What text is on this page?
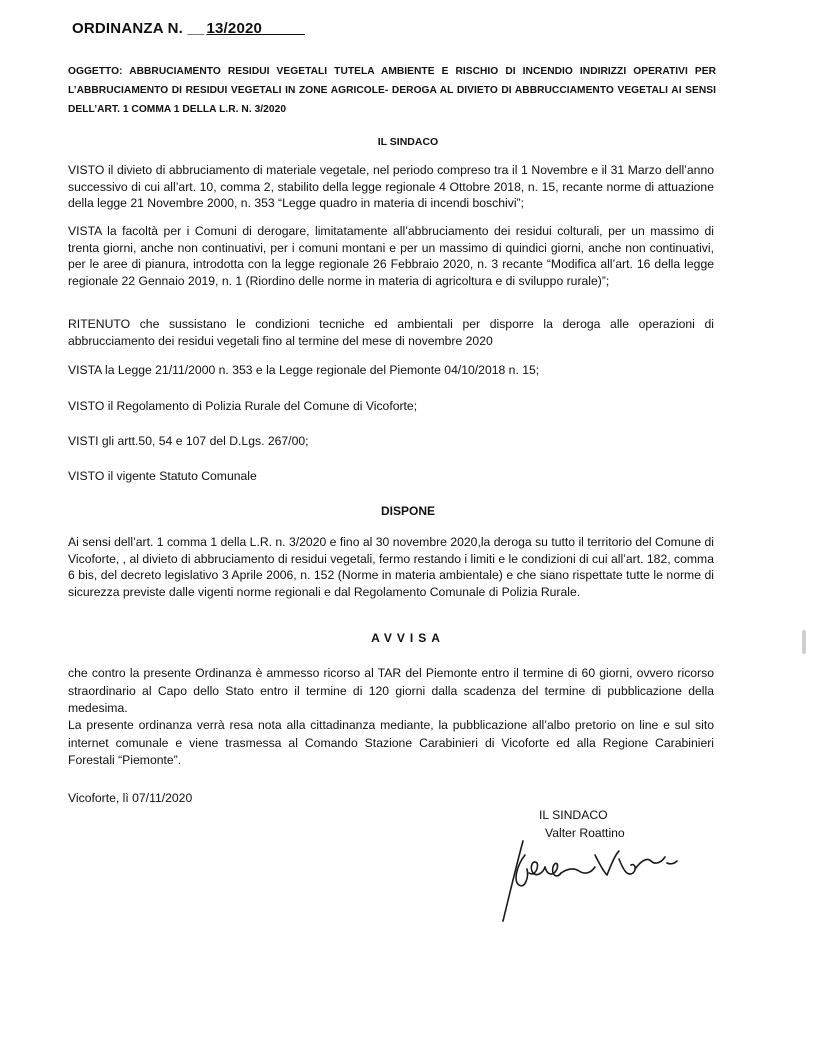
ORDINANZA N. __ 13/2020_____
OGGETTO: ABBRUCIAMENTO RESIDUI VEGETALI TUTELA AMBIENTE E RISCHIO DI INCENDIO INDIRIZZI OPERATIVI PER L’ABBRUCIAMENTO DI RESIDUI VEGETALI IN ZONE AGRICOLE- DEROGA AL DIVIETO DI ABBRUCCIAMENTO VEGETALI AI SENSI DELL’ART. 1 COMMA 1 DELLA L.R. N. 3/2020
IL SINDACO
VISTO il divieto di abbruciamento di materiale vegetale, nel periodo compreso tra il 1 Novembre e il 31 Marzo dell’anno successivo di cui all’art. 10, comma 2, stabilito della legge regionale 4 Ottobre 2018, n. 15, recante norme di attuazione della legge 21 Novembre 2000, n. 353 “Legge quadro in materia di incendi boschivi”;
VISTA la facoltà per i Comuni di derogare, limitatamente all’abbruciamento dei residui colturali, per un massimo di trenta giorni, anche non continuativi, per i comuni montani e per un massimo di quindici giorni, anche non continuativi, per le aree di pianura, introdotta con la legge regionale 26 Febbraio 2020, n. 3 recante “Modifica all’art. 16 della legge regionale 22 Gennaio 2019, n. 1 (Riordino delle norme in materia di agricoltura e di sviluppo rurale)”;
RITENUTO che sussistano le condizioni tecniche ed ambientali per disporre la deroga alle operazioni di abbrucciamento dei residui vegetali fino al termine del mese di novembre 2020
VISTA la Legge 21/11/2000 n. 353 e la Legge regionale del Piemonte 04/10/2018 n. 15;
VISTO il Regolamento di Polizia Rurale del Comune di Vicoforte;
VISTI gli artt.50, 54 e 107 del D.Lgs. 267/00;
VISTO il vigente Statuto Comunale
DISPONE
Ai sensi dell’art. 1 comma 1 della L.R. n. 3/2020 e fino al 30 novembre 2020,la deroga su tutto il territorio del Comune di Vicoforte, , al divieto di abbruciamento di residui vegetali, fermo restando i limiti e le condizioni di cui all’art. 182, comma 6 bis, del decreto legislativo 3 Aprile 2006, n. 152 (Norme in materia ambientale) e che siano rispettate tutte le norme di sicurezza previste dalle vigenti norme regionali e dal Regolamento Comunale di Polizia Rurale.
AVVISA
che contro la presente Ordinanza è ammesso ricorso al TAR del Piemonte entro il termine di 60 giorni, ovvero ricorso straordinario al Capo dello Stato entro il termine di 120 giorni dalla scadenza del termine di pubblicazione della medesima.
La presente ordinanza verrà resa nota alla cittadinanza mediante, la pubblicazione all’albo pretorio on line e sul sito internet comunale e viene trasmessa al Comando Stazione Carabinieri di Vicoforte ed alla Regione Carabinieri Forestali “Piemonte”.
Vicoforte, lì 07/11/2020
IL SINDACO
Valter Roattino
